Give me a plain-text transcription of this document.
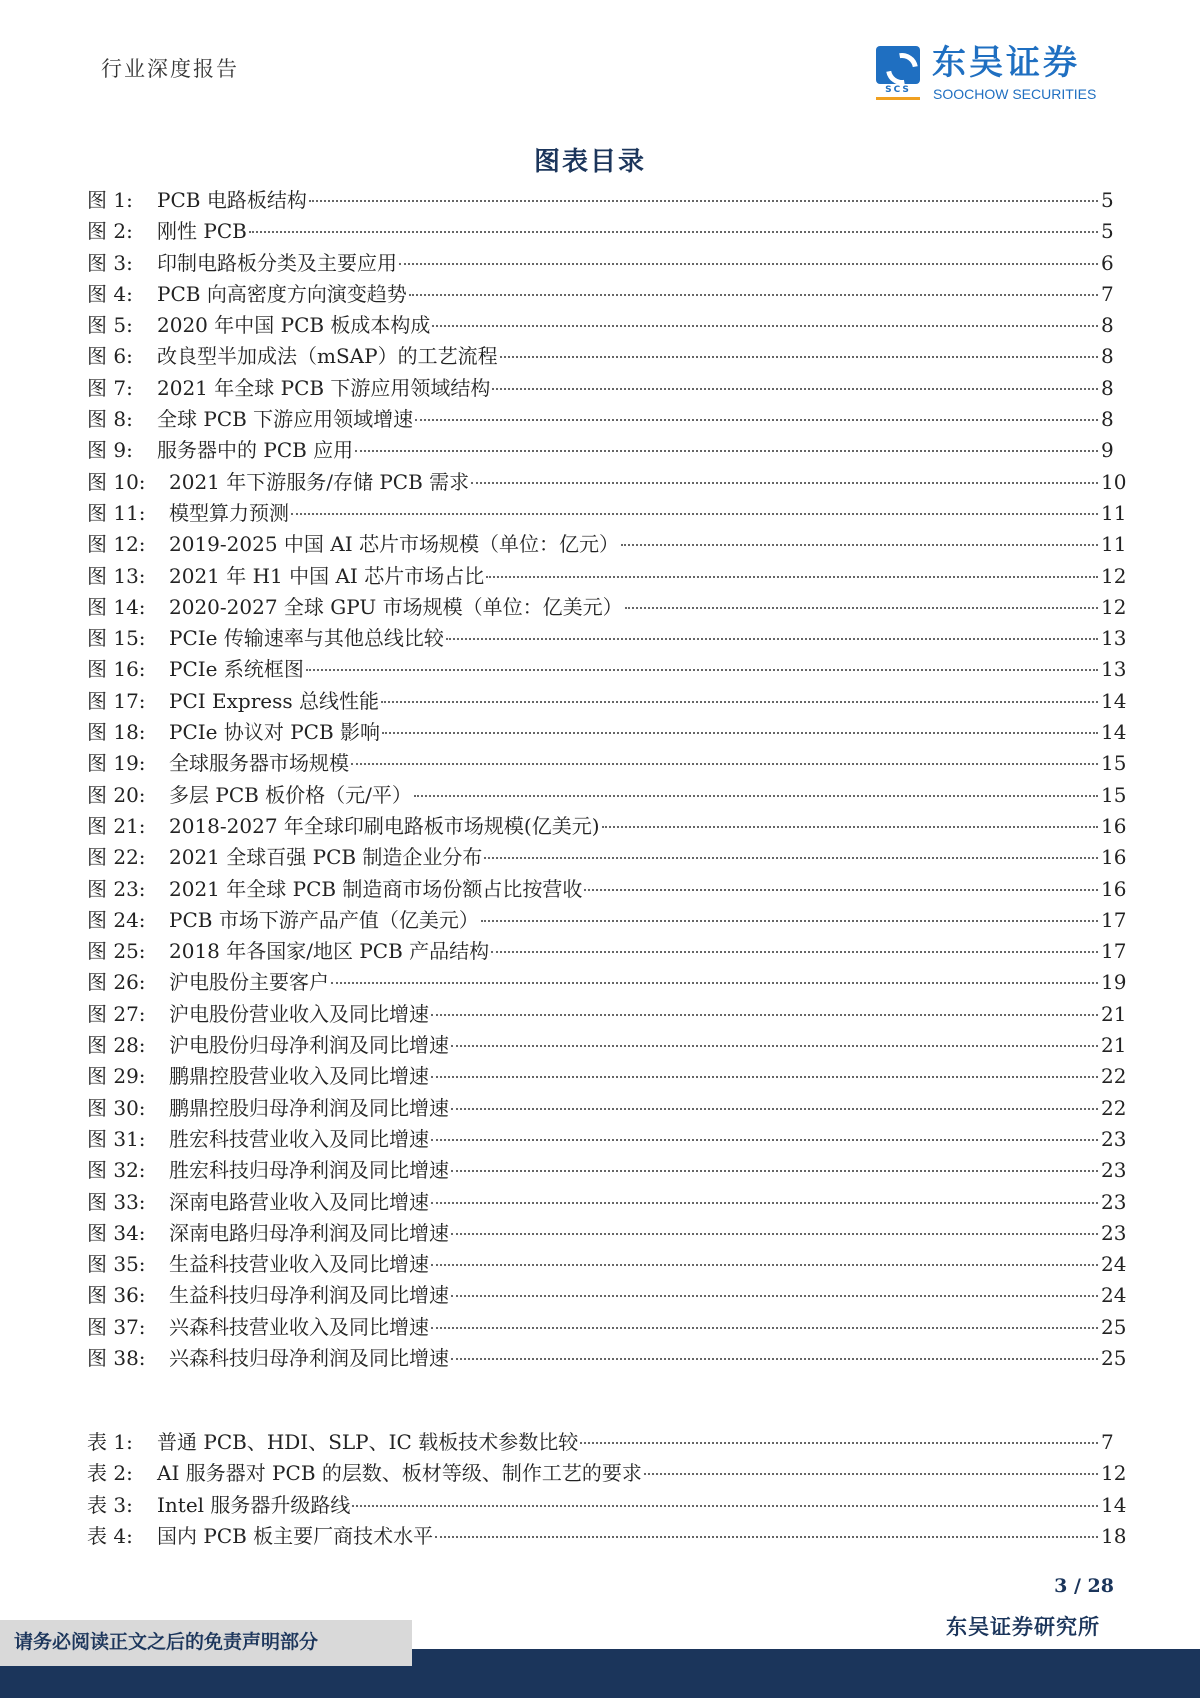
行业深度报告
SCS
东吴证券
SOOCHOW SECURITIES
图表目录
图 1:	PCB 电路板结构	5
图 2:	刚性 PCB	5
图 3:	印制电路板分类及主要应用	6
图 4:	PCB 向高密度方向演变趋势	7
图 5:	2020 年中国 PCB 板成本构成	8
图 6:	改良型半加成法（mSAP）的工艺流程	8
图 7:	2021 年全球 PCB 下游应用领域结构	8
图 8:	全球 PCB 下游应用领域增速	8
图 9:	服务器中的 PCB 应用	9
图 10:	2021 年下游服务/存储 PCB 需求	10
图 11:	模型算力预测	11
图 12:	2019-2025 中国 AI 芯片市场规模（单位：亿元）	11
图 13:	2021 年 H1 中国 AI 芯片市场占比	12
图 14:	2020-2027 全球 GPU 市场规模（单位：亿美元）	12
图 15:	PCIe 传输速率与其他总线比较	13
图 16:	PCIe 系统框图	13
图 17:	PCI Express 总线性能	14
图 18:	PCIe 协议对 PCB 影响	14
图 19:	全球服务器市场规模	15
图 20:	多层 PCB 板价格（元/平）	15
图 21:	2018-2027 年全球印刷电路板市场规模(亿美元)	16
图 22:	2021 全球百强 PCB 制造企业分布	16
图 23:	2021 年全球 PCB 制造商市场份额占比按营收	16
图 24:	PCB 市场下游产品产值（亿美元）	17
图 25:	2018 年各国家/地区 PCB 产品结构	17
图 26:	沪电股份主要客户	19
图 27:	沪电股份营业收入及同比增速	21
图 28:	沪电股份归母净利润及同比增速	21
图 29:	鹏鼎控股营业收入及同比增速	22
图 30:	鹏鼎控股归母净利润及同比增速	22
图 31:	胜宏科技营业收入及同比增速	23
图 32:	胜宏科技归母净利润及同比增速	23
图 33:	深南电路营业收入及同比增速	23
图 34:	深南电路归母净利润及同比增速	23
图 35:	生益科技营业收入及同比增速	24
图 36:	生益科技归母净利润及同比增速	24
图 37:	兴森科技营业收入及同比增速	25
图 38:	兴森科技归母净利润及同比增速	25
表 1:	普通 PCB、HDI、SLP、IC 载板技术参数比较	7
表 2:	AI 服务器对 PCB 的层数、板材等级、制作工艺的要求	12
表 3:	Intel 服务器升级路线	14
表 4:	国内 PCB 板主要厂商技术水平	18
3 / 28
东吴证券研究所
请务必阅读正文之后的免责声明部分
